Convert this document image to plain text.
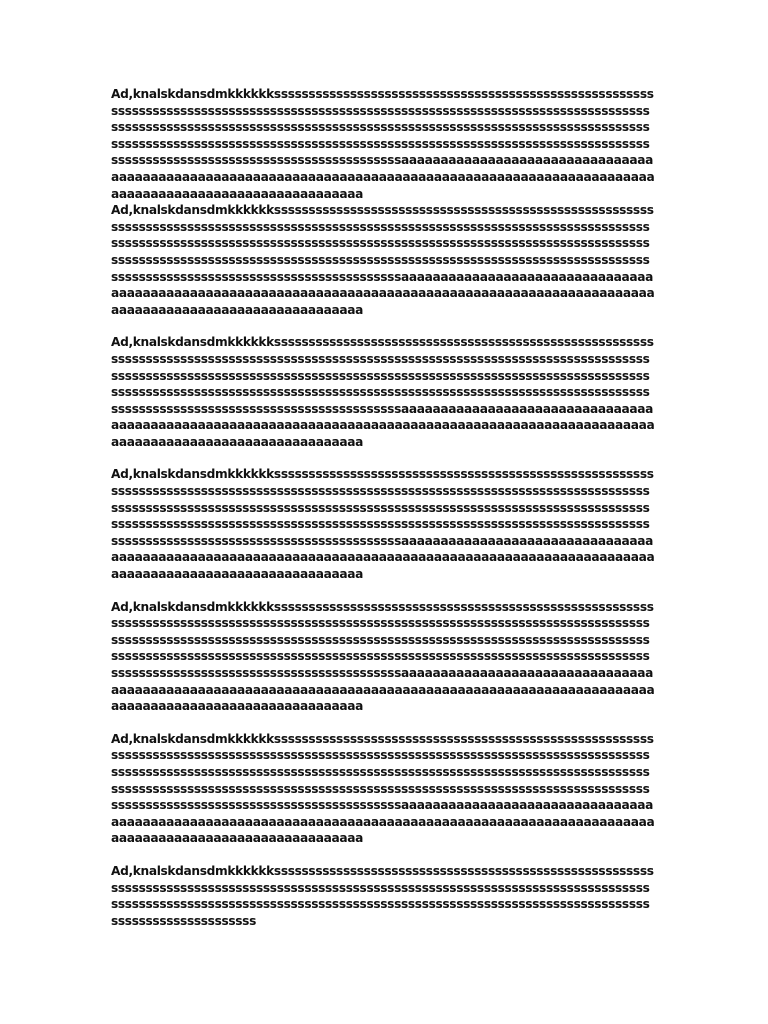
Ad,knalskdansdmkkkkkksssssssssssssssssssssssssssssssssssssssssssssssssssssssssssssssssssssssssssssssssssssssssssssssssssssssssssssssssssssssssssssssssssssssssssssssssssssssssssssssssssssssssssssssssssssssssssssssssssssssssssssssssssssssssssssssssssssssssssssssssssssssssssssssssssssssssssssssssssssssssssssssssssssssssssssssssssssssssssssssssssssssssssaaaaaaaaaaaaaaaaaaaaaaaaaaaaaaaaaaaaaaaaaaaaaaaaaaaaaaaaaaaaaaaaaaaaaaaaaaaaaaaaaaaaaaaaaaaaaaaaaaaaaaaaaaaaaaaaaaaaaaaaaaaaaaaaaaaaa

Ad,knalskdansdmkkkkkksssssssssssssssssssssssssssssssssssssssssssssssssssssssssssssssssssssssssssssssssssssssssssssssssssssssssssssssssssssssssssssssssssssssssssssssssssssssssssssssssssssssssssssssssssssssssssssssssssssssssssssssssssssssssssssssssssssssssssssssssssssssssssssssssssssssssssssssssssssssssssssssssssssssssssssssssssssssssssssssssssssssssssaaaaaaaaaaaaaaaaaaaaaaaaaaaaaaaaaaaaaaaaaaaaaaaaaaaaaaaaaaaaaaaaaaaaaaaaaaaaaaaaaaaaaaaaaaaaaaaaaaaaaaaaaaaaaaaaaaaaaaaaaaaaaaaaaaaaa

Ad,knalskdansdmkkkkkksssssssssssssssssssssssssssssssssssssssssssssssssssssssssssssssssssssssssssssssssssssssssssssssssssssssssssssssssssssssssssssssssssssssssssssssssssssssssssssssssssssssssssssssssssssssssssssssssssssssssssssssssssssssssssssssssssssssssssssssssssssssssssssssssssssssssssssssssssssssssssssssssssssssssssssssssssssssssssssssssssssssssssaaaaaaaaaaaaaaaaaaaaaaaaaaaaaaaaaaaaaaaaaaaaaaaaaaaaaaaaaaaaaaaaaaaaaaaaaaaaaaaaaaaaaaaaaaaaaaaaaaaaaaaaaaaaaaaaaaaaaaaaaaaaaaaaaaaaa

Ad,knalskdansdmkkkkkksssssssssssssssssssssssssssssssssssssssssssssssssssssssssssssssssssssssssssssssssssssssssssssssssssssssssssssssssssssssssssssssssssssssssssssssssssssssssssssssssssssssssssssssssssssssssssssssssssssssssssssssssssssssssssssssssssssssssssssssssssssssssssssssssssssssssssssssssssssssssssssssssssssssssssssssssssssssssssssssssssssssssssaaaaaaaaaaaaaaaaaaaaaaaaaaaaaaaaaaaaaaaaaaaaaaaaaaaaaaaaaaaaaaaaaaaaaaaaaaaaaaaaaaaaaaaaaaaaaaaaaaaaaaaaaaaaaaaaaaaaaaaaaaaaaaaaaaaaa

Ad,knalskdansdmkkkkkksssssssssssssssssssssssssssssssssssssssssssssssssssssssssssssssssssssssssssssssssssssssssssssssssssssssssssssssssssssssssssssssssssssssssssssssssssssssssssssssssssssssssssssssssssssssssssssssssssssssssssssssssssssssssssssssssssssssssssssssssssssssssssssssssssssssssssssssssssssssssssssssssssssssssssssssssssssssssssssssssssssssssssaaaaaaaaaaaaaaaaaaaaaaaaaaaaaaaaaaaaaaaaaaaaaaaaaaaaaaaaaaaaaaaaaaaaaaaaaaaaaaaaaaaaaaaaaaaaaaaaaaaaaaaaaaaaaaaaaaaaaaaaaaaaaaaaaaaaa

Ad,knalskdansdmkkkkkksssssssssssssssssssssssssssssssssssssssssssssssssssssssssssssssssssssssssssssssssssssssssssssssssssssssssssssssssssssssssssssssssssssssssssssssssssssssssssssssssssssssssssssssssssssssssssssssssssssssssssssssssssssssssssssssssssssssssssssssssssssssssssssssssssssssssssssssssssssssssssssssssssssssssssssssssssssssssssssssssssssssssssaaaaaaaaaaaaaaaaaaaaaaaaaaaaaaaaaaaaaaaaaaaaaaaaaaaaaaaaaaaaaaaaaaaaaaaaaaaaaaaaaaaaaaaaaaaaaaaaaaaaaaaaaaaaaaaaaaaaaaaaaaaaaaaaaaaaa

Ad,knalskdansdmkkkkkkssssssssssssssssssssssssssssssssssssssssssssssssssssssssssssssssssssssssssssssssssssssssssssssssssssssssssssssssssssssssssssssssssssssssssssssssssssssssssssssssssssssssssssssssssssssssssssssssssssssssssssssssssssssssssssssssssssssss
